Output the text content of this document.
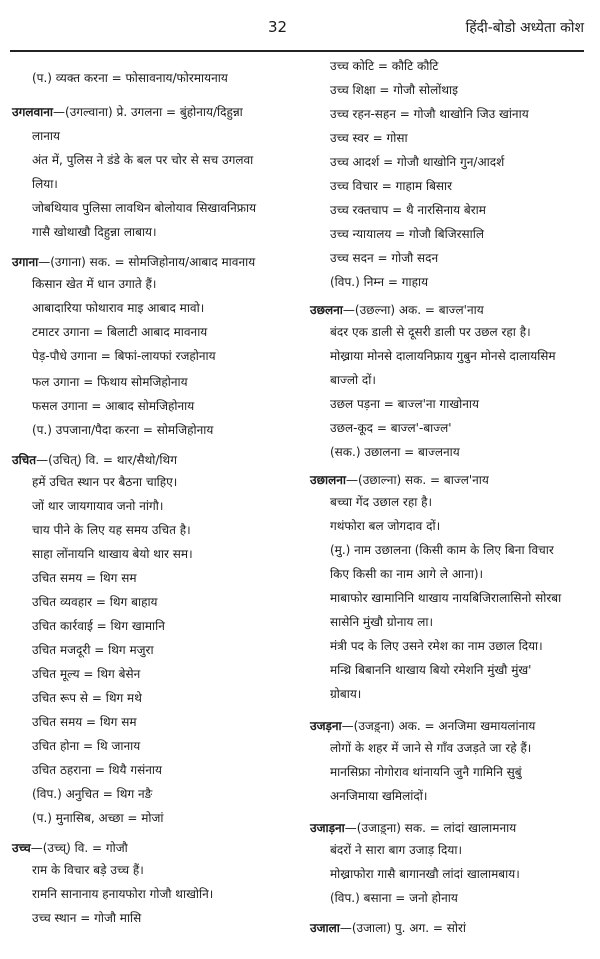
32	हिंदी-बोडो अध्येता कोश
(प.) व्यक्त करना = फोसावनाय/फोरमायनाय
उगलवाना—(उगल्वाना) प्रे. उगलना = बुंहोनाय/दिहुन्ना
लानाय
अंत में, पुलिस ने डंडे के बल पर चोर से सच उगलवा
लिया।
जोबथियाव पुलिसा लावथिन बोलोयाव सिखावनिफ्राय
गासै खोथाखौ दिहुन्ना लाबाय।
उगाना—(उगाना) सक. = सोमजिहोनाय/आबाद मावनाय
किसान खेत में धान उगाते हैं।
आबादारिया फोथाराव माइ आबाद मावो।
टमाटर उगाना = बिलाटी आबाद मावनाय
पेड़-पौधे उगाना = बिफां-लायफां रजहोनाय
फल उगाना = फिथाय सोमजिहोनाय
फसल उगाना = आबाद सोमजिहोनाय
(प.) उपजाना/पैदा करना = सोमजिहोनाय
उचित—(उचित्) वि. = थार/सैथो/थिग
हमें उचित स्थान पर बैठना चाहिए।
जों थार जायगायाव जनो नांगौ।
चाय पीने के लिए यह समय उचित है।
साहा लोंनायनि थाखाय बेयो थार सम।
उचित समय = थिग सम
उचित व्यवहार = थिग बाहाय
उचित कार्रवाई = थिग खामानि
उचित मजदूरी = थिग मजुरा
उचित मूल्य = थिग बेसेन
उचित रूप से = थिग मथे
उचित समय = थिग सम
उचित होना = थि जानाय
उचित ठहराना = थियै गसंनाय
(विप.) अनुचित = थिग नङै
(प.) मुनासिब, अच्छा = मोजां
उच्च—(उच्च्) वि. = गोजौ
राम के विचार बड़े उच्च हैं।
रामनि सानानाय हनायफोरा गोजौ थाखोनि।
उच्च स्थान = गोजौ मासि
उच्च कोटि = कौटि कौटि
उच्च शिक्षा = गोजौ सोलोंथाइ
उच्च रहन-सहन = गोजौ थाखोनि जिउ खांनाय
उच्च स्वर = गोसा
उच्च आदर्श = गोजौ थाखोनि गुन/आदर्श
उच्च विचार = गाहाम बिसार
उच्च रक्तचाप = थै नारसिनाय बेराम
उच्च न्यायालय = गोजौ बिजिरसालि
उच्च सदन = गोजौ सदन
(विप.) निम्न = गाहाय
उछलना—(उछल्ना) अक. = बाज्ल'नाय
बंदर एक डाली से दूसरी डाली पर उछल रहा है।
मोख्राया मोनसे दालायनिफ्राय गुबुन मोनसे दालायसिम
बाज्लो दों।
उछल पड़ना = बाज्ल'ना गाखोनाय
उछल-कूद = बाज्ल'-बाज्ल'
(सक.) उछालना = बाज्लनाय
उछालना—(उछाल्ना) सक. = बाज्ल'नाय
बच्चा गेंद उछाल रहा है।
गथंफोरा बल जोगदाव दों।
(मु.) नाम उछालना (किसी काम के लिए बिना विचार
किए किसी का नाम आगे ले आना)।
माबाफोर खामानिनि थाखाय नायबिजिरालासिनो सोरबा
सासेनि मुंखौ ग्रोनाय ला।
मंत्री पद के लिए उसने रमेश का नाम उछाल दिया।
मन्थ्रि बिबाननि थाखाय बियो रमेशनि मुंखौ मुंख'
ग्रोबाय।
उजड़ना—(उजड़्ना) अक. = अनजिमा खमायलांनाय
लोगों के शहर में जाने से गाँव उजड़ते जा रहे हैं।
मानसिफ्रा नोगोराव थांनायनि जुनै गामिनि सुबुं
अनजिमाया खमिलांदों।
उजाड़ना—(उजाड़्ना) सक. = लांदां खालामनाय
बंदरों ने सारा बाग उजाड़ दिया।
मोख्राफोरा गासै बागानखौ लांदां खालामबाय।
(विप.) बसाना = जनो होनाय
उजाला—(उजाला) पु. अग. = सोरां
